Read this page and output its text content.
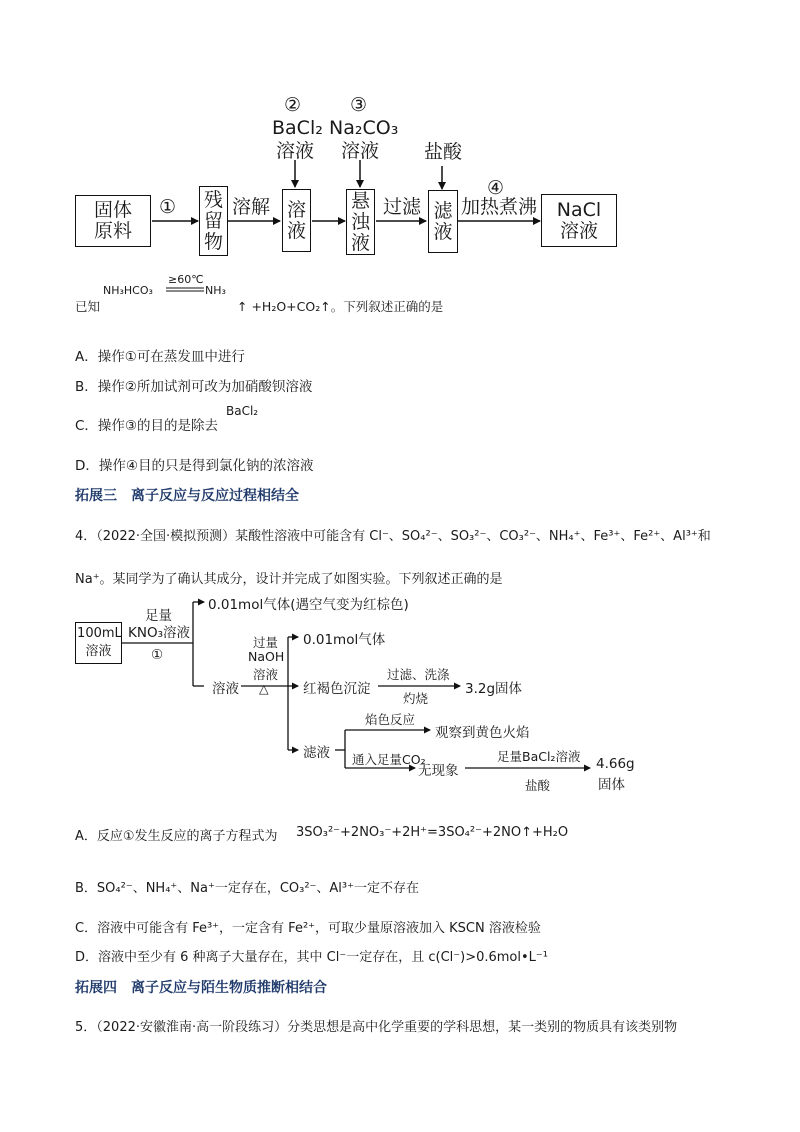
固体原料
残留物
溶液
悬浊液
滤液
NaCl溶液
①	溶解	过滤
④
加热煮沸
②
BaCl₂
溶液
③
Na₂CO₃
溶液 盐酸
已知
NH₃HCO₃
≥60℃
NH₃
↑ +H₂O+CO₂↑。下列叙述正确的是
A．操作①可在蒸发皿中进行
B．操作②所加试剂可改为加硝酸钡溶液
C．操作③的目的是除去
BaCl₂
D．操作④目的只是得到氯化钠的浓溶液
拓展三　离子反应与反应过程相结全
4．（2022·全国·模拟预测）某酸性溶液中可能含有 Cl⁻、SO₄²⁻、SO₃²⁻、CO₃²⁻、NH₄⁺、Fe³⁺、Fe²⁺、Al³⁺和
Na⁺。某同学为了确认其成分，设计并完成了如图实验。下列叙述正确的是
100mL溶液
足量
KNO₃溶液
①
0.01mol气体(遇空气变为红棕色)
溶液
过量
NaOH
溶液
△
0.01mol气体
红褐色沉淀
过滤、洗涤
灼烧
3.2g固体
滤液
焰色反应
观察到黄色火焰
通入足量CO₂
无现象
足量BaCl₂溶液
盐酸
4.66g
固体
A．反应①发生反应的离子方程式为 3SO₃²⁻+2NO₃⁻+2H⁺=3SO₄²⁻+2NO↑+H₂O
B．SO₄²⁻、NH₄⁺、Na⁺一定存在，CO₃²⁻、Al³⁺一定不存在
C．溶液中可能含有 Fe³⁺，一定含有 Fe²⁺，可取少量原溶液加入 KSCN 溶液检验
D．溶液中至少有 6 种离子大量存在，其中 Cl⁻一定存在，且 c(Cl⁻)>0.6mol•L⁻¹
拓展四　离子反应与陌生物质推断相结合
5．（2022·安徽淮南·高一阶段练习）分类思想是高中化学重要的学科思想，某一类别的物质具有该类别物
